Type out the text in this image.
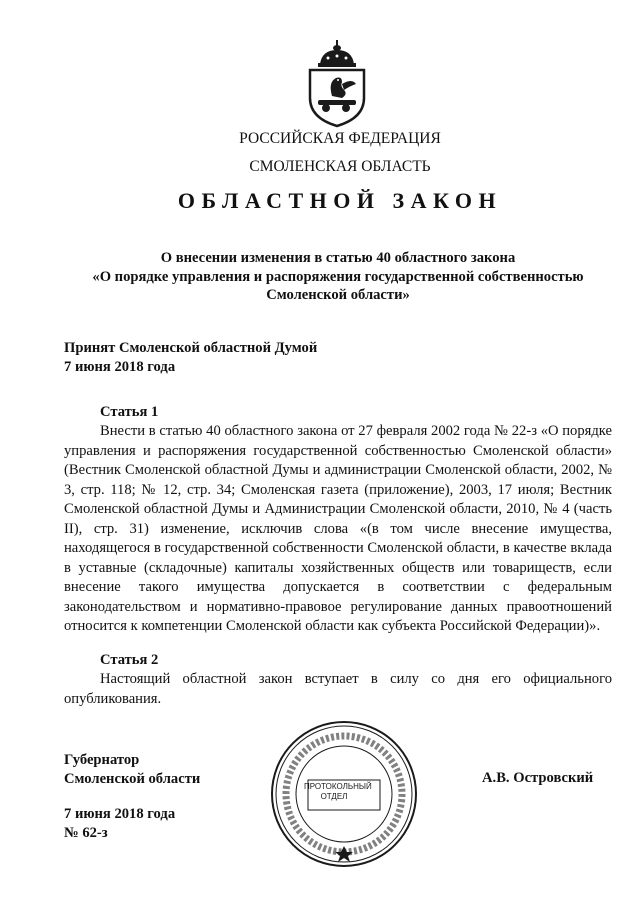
РОССИЙСКАЯ ФЕДЕРАЦИЯ
СМОЛЕНСКАЯ ОБЛАСТЬ
ОБЛАСТНОЙ ЗАКОН
О внесении изменения в статью 40 областного закона
«О порядке управления и распоряжения государственной собственностью
Смоленской области»
Принят Смоленской областной Думой
7 июня 2018 года
Статья 1
Внести в статью 40 областного закона от 27 февраля 2002 года № 22-з «О порядке управления и распоряжения государственной собственностью Смоленской области» (Вестник Смоленской областной Думы и администрации Смоленской области, 2002, № 3, стр. 118; № 12, стр. 34; Смоленская газета (приложение), 2003, 17 июля; Вестник Смоленской областной Думы и Администрации Смоленской области, 2010, № 4 (часть II), стр. 31) изменение, исключив слова «(в том числе внесение имущества, находящегося в государственной собственности Смоленской области, в качестве вклада в уставные (складочные) капиталы хозяйственных обществ или товариществ, если внесение такого имущества допускается в соответствии с федеральным законодательством и нормативно-правовое регулирование данных правоотношений относится к компетенции Смоленской области как субъекта Российской Федерации)».
Статья 2
Настоящий областной закон вступает в силу со дня его официального опубликования.
Губернатор
Смоленской области	ПРОТОКОЛЬНЫЙ
ОТДЕЛ
А.В. Островский
7 июня 2018 года
№ 62-з
